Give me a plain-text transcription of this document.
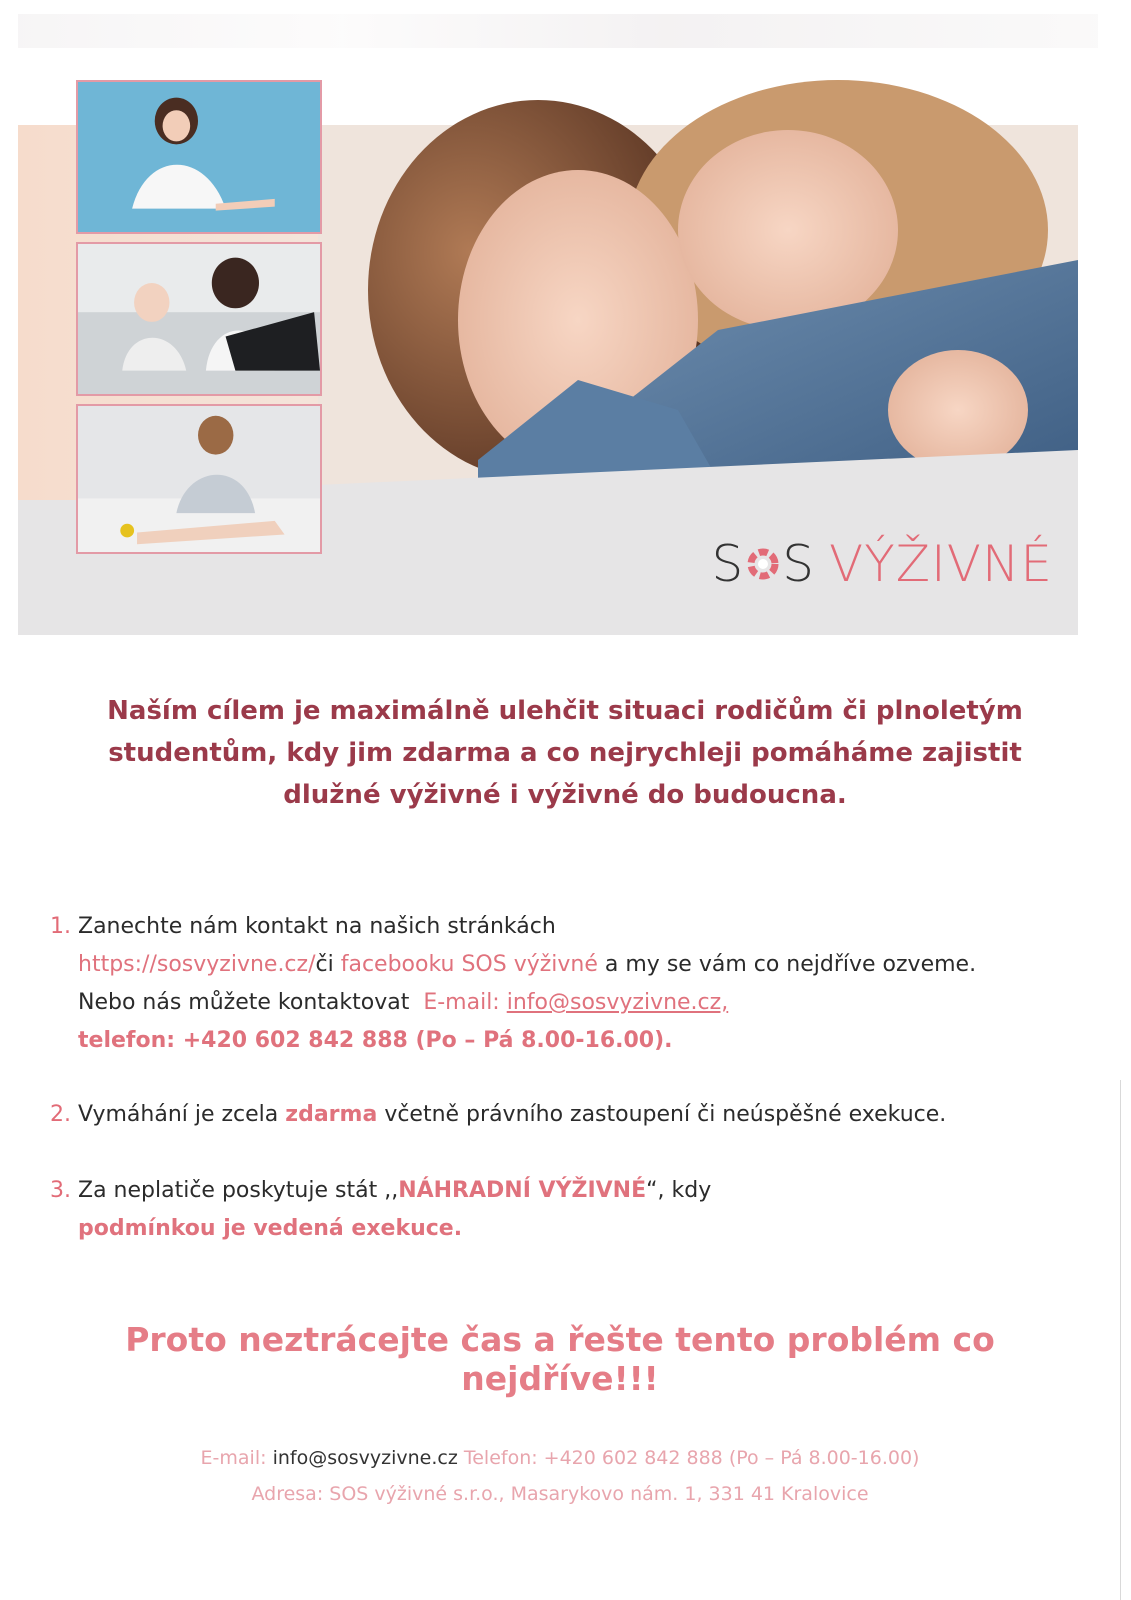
S S VÝŽIVNÉ
Naším cílem je maximálně ulehčit situaci rodičům či plnoletým
studentům, kdy jim zdarma a co nejrychleji pomáháme zajistit
dlužné výživné i výživné do budoucna.
1. Zanechte nám kontakt na našich stránkách
https://sosvyzivne.cz/či facebooku SOS výživné a my se vám co nejdříve ozveme.
Nebo nás můžete kontaktovat E-mail: info@sosvyzivne.cz,
telefon: +420 602 842 888 (Po – Pá 8.00-16.00).
2. Vymáhání je zcela zdarma včetně právního zastoupení či neúspěšné exekuce.
3. Za neplatiče poskytuje stát ,,NÁHRADNÍ VÝŽIVNÉ“, kdy
podmínkou je vedená exekuce.
Proto neztrácejte čas a řešte tento problém co nejdříve!!!
E-mail: info@sosvyzivne.cz Telefon: +420 602 842 888 (Po – Pá 8.00-16.00)
Adresa: SOS výživné s.r.o., Masarykovo nám. 1, 331 41 Kralovice
